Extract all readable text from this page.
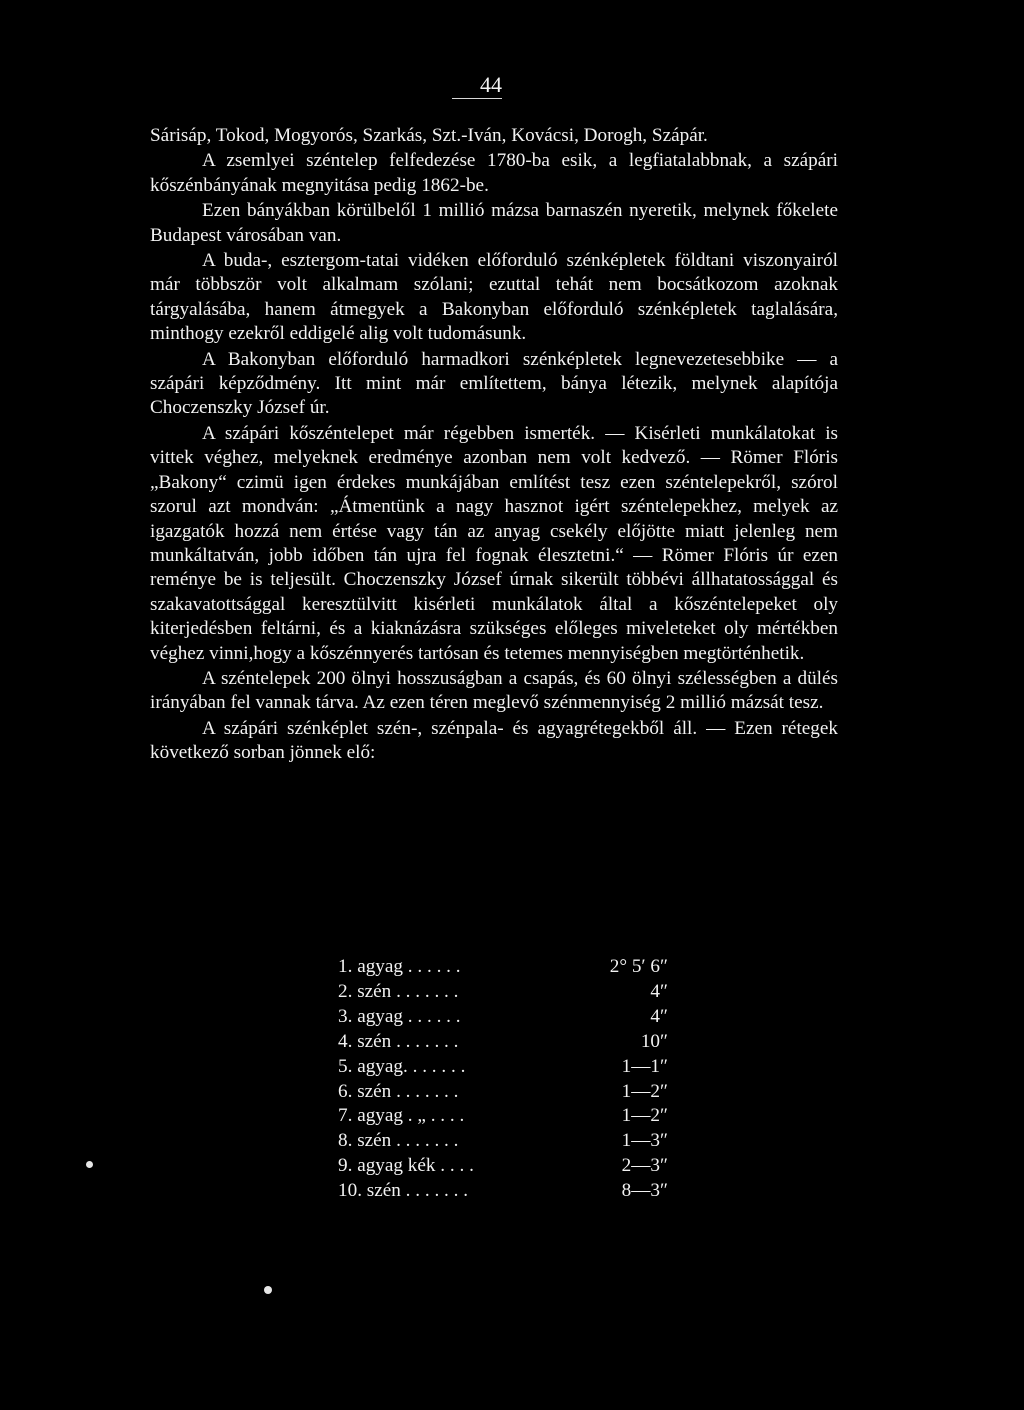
44

Sárisáp, Tokod, Mogyorós, Szarkás, Szt.-Iván, Kovácsi, Dorogh, Szápár.

A zsemlyei széntelep felfedezése 1780-ba esik, a legfiatalabbnak, a szápári kőszénbányának megnyitása pedig 1862-be.

Ezen bányákban körülbelől 1 millió mázsa barnaszén nyeretik, melynek főkelete Budapest városában van.

A buda-, esztergom-tatai vidéken előforduló szénképletek földtani viszonyairól már többször volt alkalmam szólani; ezuttal tehát nem bocsátkozom azoknak tárgyalásába, hanem átmegyek a Bakonyban előforduló szénképletek taglalására, minthogy ezekről eddigelé alig volt tudomásunk.

A Bakonyban előforduló harmadkori szénképletek legnevezetesebbike — a szápári képződmény. Itt mint már említettem, bánya létezik, melynek alapítója Choczenszky József úr.

A szápári kőszéntelepet már régebben ismerték. — Kisérleti munkálatokat is vittek véghez, melyeknek eredménye azonban nem volt kedvező. — Römer Flóris „Bakony“ czimü igen érdekes munkájában említést tesz ezen széntelepekről, szórol szorul azt mondván: „Átmentünk a nagy hasznot igért széntelepekhez, melyek az igazgatók hozzá nem értése vagy tán az anyag csekély előjötte miatt jelenleg nem munkáltatván, jobb időben tán ujra fel fognak élesztetni.“ — Römer Flóris úr ezen reménye be is teljesült. Choczenszky József úrnak sikerült többévi állhatatossággal és szakavatottsággal keresztülvitt kisérleti munkálatok által a kőszéntelepeket oly kiterjedésben feltárni, és a kiaknázásra szükséges előleges miveleteket oly mértékben véghez vinni,hogy a kőszénnyerés tartósan és tetemes mennyiségben megtörténhetik.

A széntelepek 200 ölnyi hosszuságban a csapás, és 60 ölnyi szélességben a dülés irányában fel vannak tárva. Az ezen téren meglevő szénmennyiség 2 millió mázsát tesz.

A szápári szénképlet szén-, szénpala- és agyagrétegekből áll. — Ezen rétegek következő sorban jönnek elő:

1. agyag . . . . . .	2° 5′ 6″
2. szén . . . . . . .	4″
3. agyag . . . . . .	4″
4. szén . . . . . . .	10″
5. agyag. . . . . . .	1—1″
6. szén . . . . . . .	1—2″
7. agyag . „ . . . .	1—2″
8. szén . . . . . . .	1—3″
9. agyag kék . . . .	2—3″
10. szén . . . . . . .	8—3″
